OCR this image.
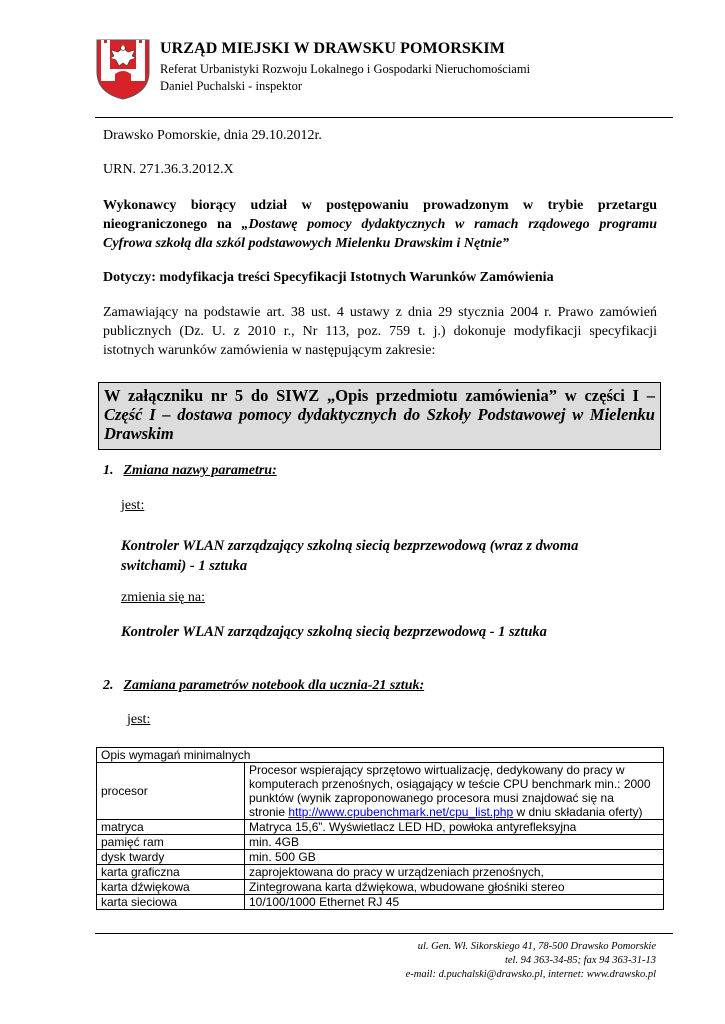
URZĄD MIEJSKI W DRAWSKU POMORSKIM
Referat Urbanistyki Rozwoju Lokalnego i Gospodarki Nieruchomościami
Daniel Puchalski - inspektor
Drawsko Pomorskie, dnia 29.10.2012r.
URN. 271.36.3.2012.X

Wykonawcy biorący udział w postępowaniu prowadzonym w trybie przetargu

nieograniczonego na „Dostawę pomocy dydaktycznych w ramach rządowego programu

Cyfrowa szkołą dla szkól podstawowych Mielenku Drawskim i Nętnie”

Dotyczy: modyfikacja treści Specyfikacji Istotnych Warunków Zamówienia

Zamawiający na podstawie art. 38 ust. 4 ustawy z dnia 29 stycznia 2004 r. Prawo zamówień

publicznych (Dz. U. z 2010 r., Nr 113, poz. 759 t. j.) dokonuje modyfikacji specyfikacji

istotnych warunków zamówienia w następującym zakresie:

W załączniku nr 5 do SIWZ „Opis przedmiotu zamówienia” w części I –

Część I – dostawa pomocy dydaktycznych do Szkoły Podstawowej w Mielenku

Drawskim

1. Zmiana nazwy parametru:
jest:
Kontroler WLAN zarządzający szkolną siecią bezprzewodową (wraz z dwoma
switchami) - 1 sztuka
zmienia się na:
Kontroler WLAN zarządzający szkolną siecią bezprzewodową - 1 sztuka
2. Zamiana parametrów notebook dla ucznia-21 sztuk:
jest:
Opis wymagań minimalnych	
procesor	Procesor wspierający sprzętowo wirtualizację, dedykowany do pracy w
komputerach przenośnych, osiągający w teście CPU benchmark min.: 2000
punktów (wynik zaproponowanego procesora musi znajdować się na
stronie http://www.cpubenchmark.net/cpu_list.php w dniu składania oferty)

matryca	Matryca 15,6”. Wyświetlacz LED HD, powłoka antyrefleksyjna
pamięć ram	min. 4GB
dysk twardy	min. 500 GB
karta graficzna	zaprojektowana do pracy w urządzeniach przenośnych,
karta dźwiękowa	Zintegrowana karta dźwiękowa, wbudowane głośniki stereo
karta sieciowa	10/100/1000 Ethernet RJ 45
ul. Gen. Wł. Sikorskiego 41, 78-500 Drawsko Pomorskie
tel. 94 363-34-85; fax 94 363-31-13
e-mail: d.puchalski@drawsko.pl, internet: www.drawsko.pl
